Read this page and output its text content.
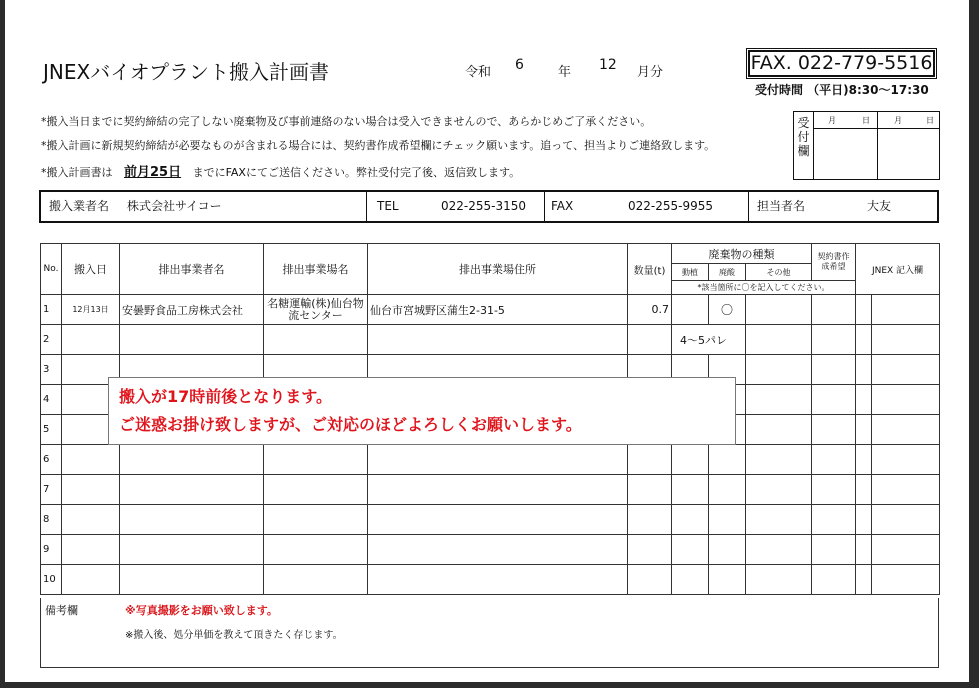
JNEXバイオプラント搬入計画書	令和 6	年 12 月分	FAX. 022-779-5516
受付時間 （平日)8:30〜17:30
*搬入当日までに契約締結の完了しない廃棄物及び事前連絡のない場合は受入できませんので、あらかじめご了承ください。
*搬入計画に新規契約締結が必要なものが含まれる場合には、契約書作成希望欄にチェック願います。追って、担当よりご連絡致します。
*搬入計画書は 前月25日 までにFAXにてご送信ください。弊社受付完了後、返信致します。
受付欄
月	日	月	日
搬入業者名 株式会社サイコー	TEL	022-255-3150 FAX	022-255-9955	担当者名	大友
No.	搬入日	排出事業者名	排出事業場名	排出事業場住所	数量(t)	廃棄物の種類			契約書作成希望	JNEX 記入欄	
						動植	廃酸	その他			
						*該当箇所に〇を記入してください。					
1	12月13日	安曇野食品工房株式会社	名糖運輸(株)仙台物流センター	仙台市宮城野区蒲生2-31-5	0.7		〇				
2						4〜5パレ					
3											
4											
5											
6											
7											
8											
9											
10											
備考欄	※写真撮影をお願い致します。
※搬入後、処分単価を教えて頂きたく存じます。
搬入が17時前後となります。
ご迷惑お掛け致しますが、ご対応のほどよろしくお願いします。
